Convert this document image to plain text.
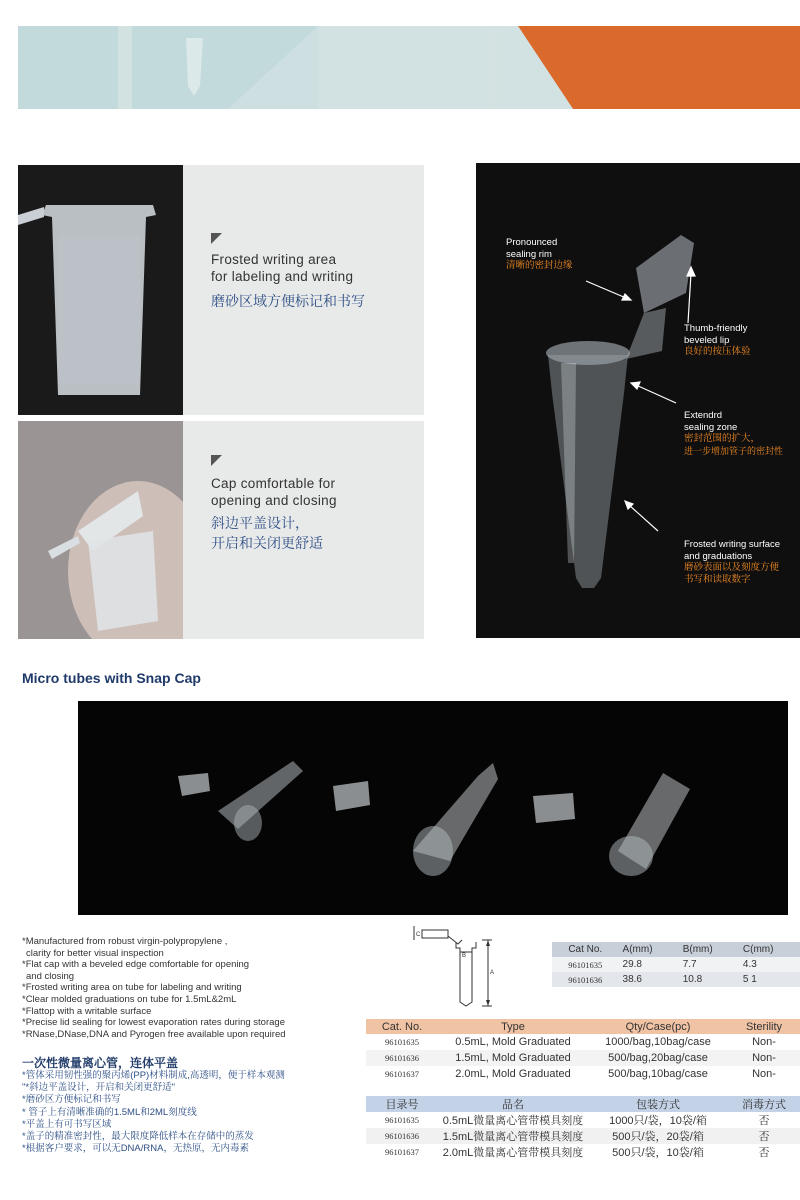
Frosted writing area
for labeling and writing
磨砂区域方便标记和书写
Cap comfortable for
opening and closing
斜边平盖设计，
开启和关闭更舒适
Pronounced
sealing rim
清晰的密封边缘
Thumb-friendly
beveled lip
良好的按压体验
Extendrd
sealing zone
密封范围的扩大，
进一步增加管子的密封性
Frosted writing surface
and graduations
磨砂表面以及刻度方便
书写和读取数字
Micro tubes with Snap Cap
*Manufactured from robust virgin-polypropylene ,
clarity for better visual inspection
*Flat cap with a beveled edge comfortable for opening
and closing
*Frosted writing area on tube for labeling and writing
*Clear molded graduations on tube for 1.5mL&2mL
*Flattop with a writable surface
*Precise lid sealing for lowest evaporation rates during storage
*RNase,DNase,DNA and Pyrogen free available upon required
一次性微量离心管，连体平盖
*管体采用韧性强的聚丙烯(PP)材料制成,高透明，便于样本观测
"*斜边平盖设计，开启和关闭更舒适"
*磨砂区方便标记和书写
* 管子上有清晰准确的1.5ML和2ML刻度线
*平盖上有可书写区域
*盖子的精准密封性，最大限度降低样本在存储中的蒸发
*根据客户要求，可以无DNA/RNA，无热原，无内毒素
C
B
A
Cat No.	A(mm)	B(mm)	C(mm)
96101635	29.8	7.7	4.3
96101636	38.6	10.8	5 1
Cat. No.	Type	Qty/Case(pc)	Sterility
96101635	0.5mL, Mold Graduated	1000/bag,10bag/case	Non-
96101636	1.5mL, Mold Graduated	500/bag,20bag/case	Non-
96101637	2.0mL, Mold Graduated	500/bag,10bag/case	Non-
目录号	品名	包装方式	消毒方式
96101635	0.5mL微量离心管带模具刻度	1000只/袋，10袋/箱	否
96101636	1.5mL微量离心管带模具刻度	500只/袋，20袋/箱	否
96101637	2.0mL微量离心管带模具刻度	500只/袋，10袋/箱	否
